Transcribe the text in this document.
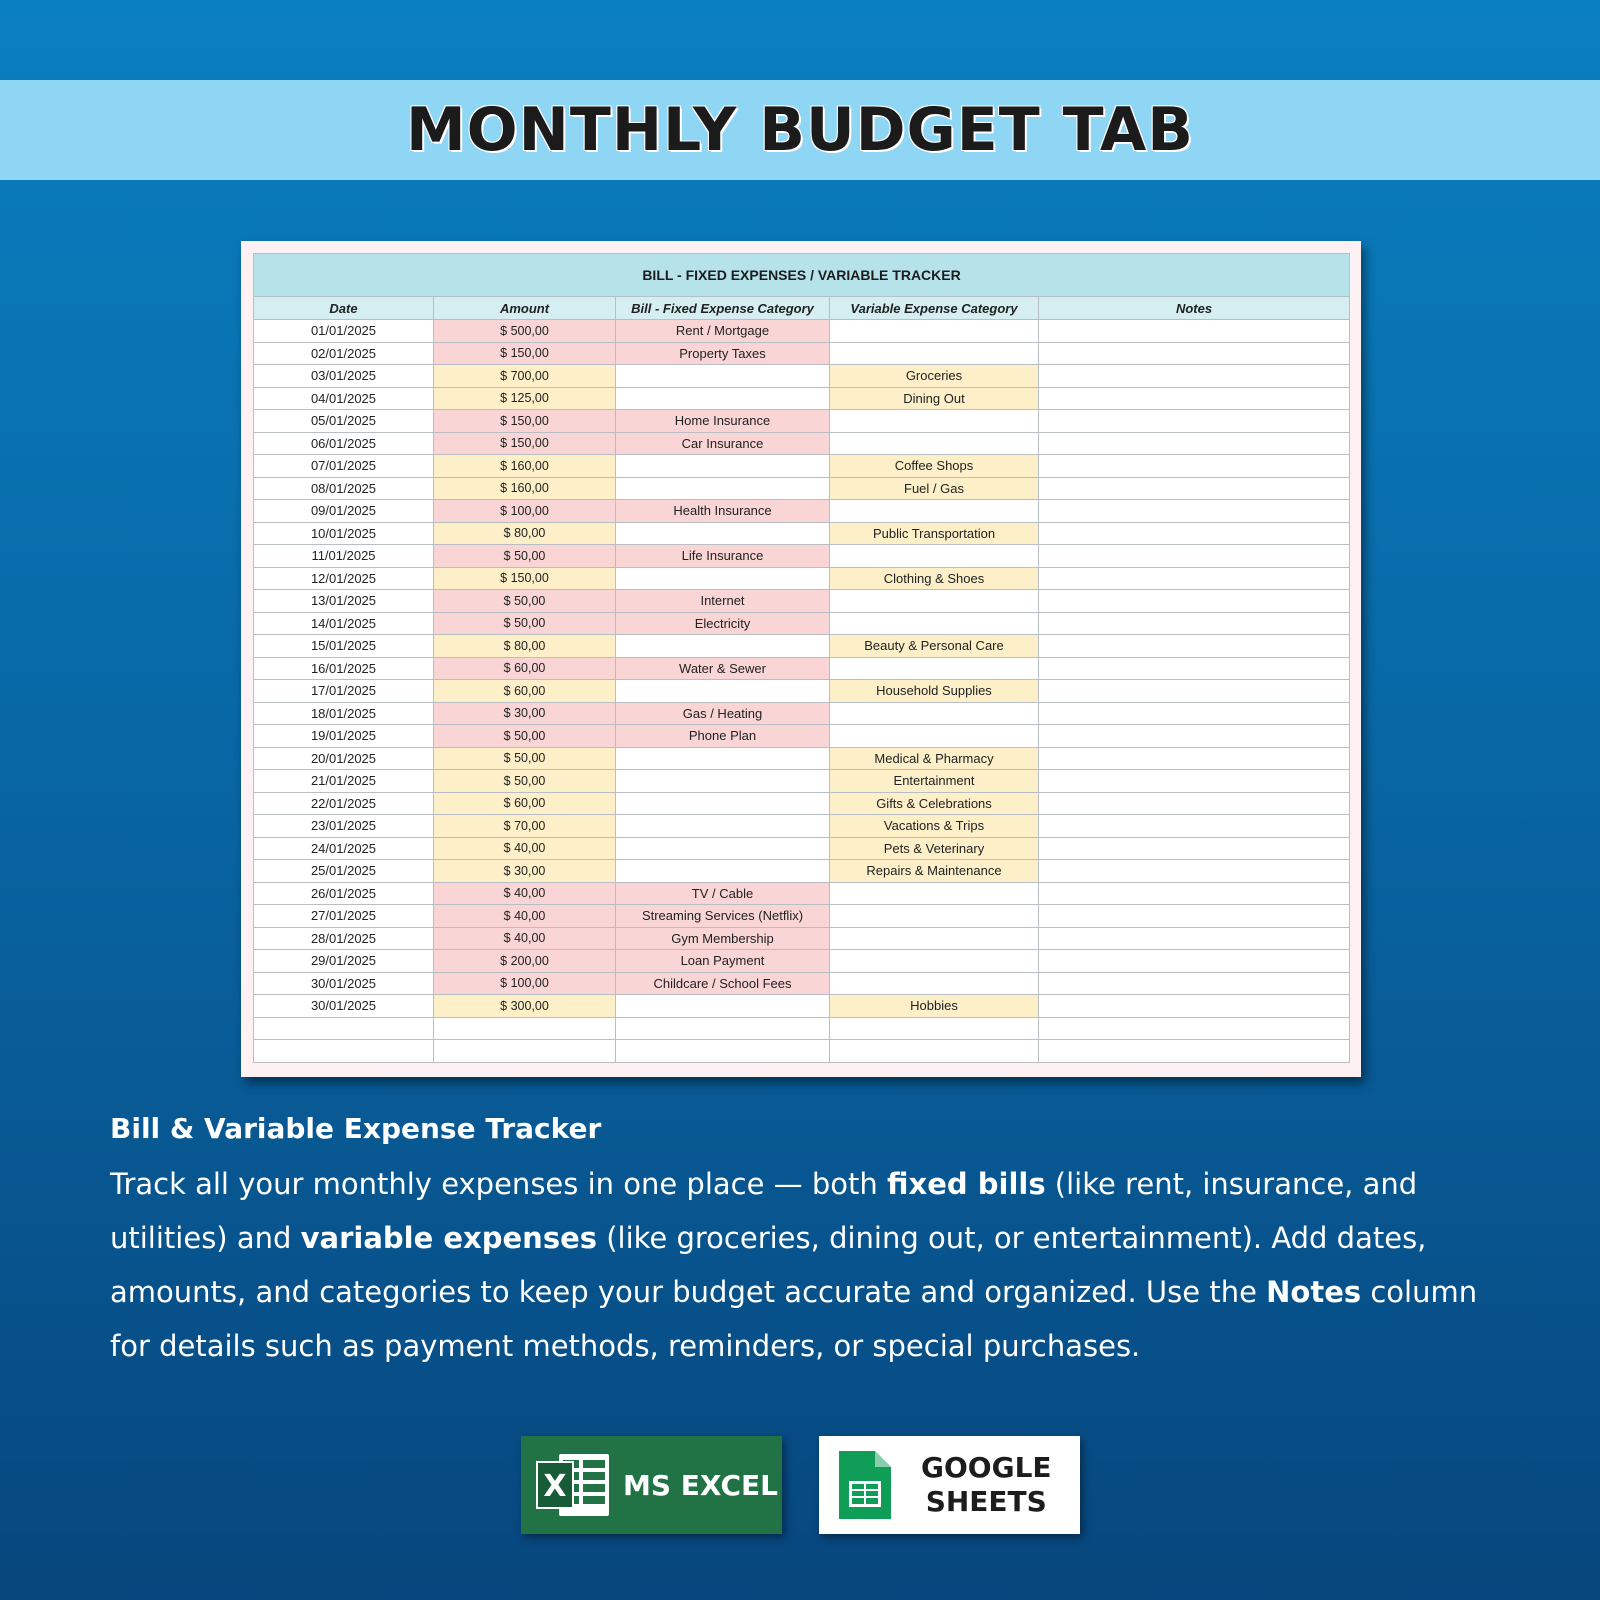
MONTHLY BUDGET TAB
BILL - FIXED EXPENSES / VARIABLE TRACKER				
Date	Amount	Bill - Fixed Expense Category	Variable Expense Category	Notes
01/01/2025	$ 500,00	Rent / Mortgage		
02/01/2025	$ 150,00	Property Taxes		
03/01/2025	$ 700,00		Groceries	
04/01/2025	$ 125,00		Dining Out	
05/01/2025	$ 150,00	Home Insurance		
06/01/2025	$ 150,00	Car Insurance		
07/01/2025	$ 160,00		Coffee Shops	
08/01/2025	$ 160,00		Fuel / Gas	
09/01/2025	$ 100,00	Health Insurance		
10/01/2025	$ 80,00		Public Transportation	
11/01/2025	$ 50,00	Life Insurance		
12/01/2025	$ 150,00		Clothing & Shoes	
13/01/2025	$ 50,00	Internet		
14/01/2025	$ 50,00	Electricity		
15/01/2025	$ 80,00		Beauty & Personal Care	
16/01/2025	$ 60,00	Water & Sewer		
17/01/2025	$ 60,00		Household Supplies	
18/01/2025	$ 30,00	Gas / Heating		
19/01/2025	$ 50,00	Phone Plan		
20/01/2025	$ 50,00		Medical & Pharmacy	
21/01/2025	$ 50,00		Entertainment	
22/01/2025	$ 60,00		Gifts & Celebrations	
23/01/2025	$ 70,00		Vacations & Trips	
24/01/2025	$ 40,00		Pets & Veterinary	
25/01/2025	$ 30,00		Repairs & Maintenance	
26/01/2025	$ 40,00	TV / Cable		
27/01/2025	$ 40,00	Streaming Services (Netflix)		
28/01/2025	$ 40,00	Gym Membership		
29/01/2025	$ 200,00	Loan Payment		
30/01/2025	$ 100,00	Childcare / School Fees		
30/01/2025	$ 300,00		Hobbies	

Bill & Variable Expense Tracker

Track all your monthly expenses in one place — both fixed bills (like rent, insurance, and utilities) and variable expenses (like groceries, dining out, or entertainment). Add dates, amounts, and categories to keep your budget accurate and organized. Use the Notes column for details such as payment methods, reminders, or special purchases.

X MS EXCEL
GOOGLE
SHEETS
